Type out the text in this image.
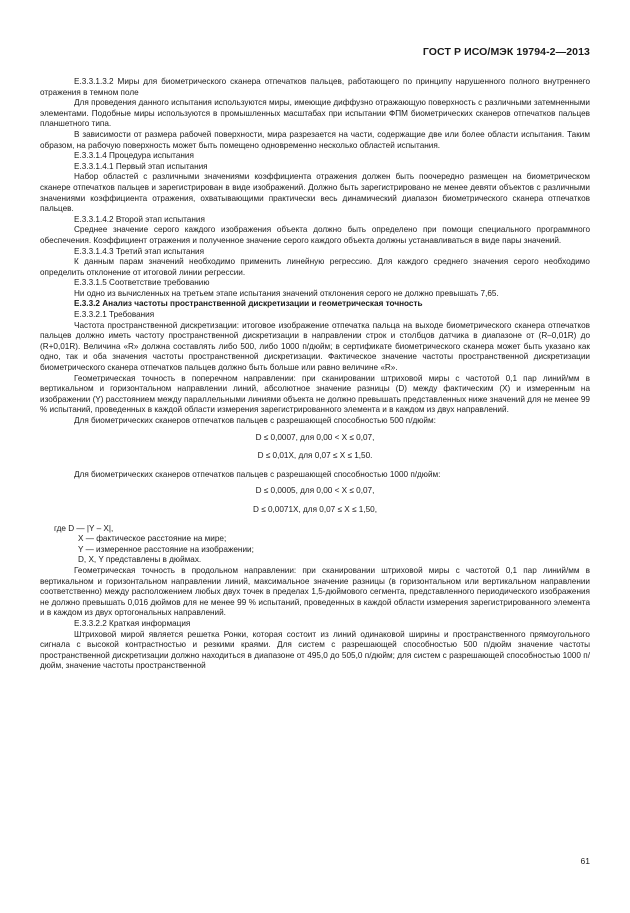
ГОСТ Р ИСО/МЭК 19794-2—2013

Е.3.3.1.3.2 Миры для биометрического сканера отпечатков пальцев, работающего по принципу нарушенного полного внутреннего отражения в темном поле

Для проведения данного испытания используются миры, имеющие диффузно отражающую поверхность с различными затемненными элементами. Подобные миры используются в промышленных масштабах при испытании ФПМ биометрических сканеров отпечатков пальцев планшетного типа.

В зависимости от размера рабочей поверхности, мира разрезается на части, содержащие две или более области испытания. Таким образом, на рабочую поверхность может быть помещено одновременно несколько областей испытания.

Е.3.3.1.4 Процедура испытания

Е.3.3.1.4.1 Первый этап испытания

Набор областей с различными значениями коэффициента отражения должен быть поочередно размещен на биометрическом сканере отпечатков пальцев и зарегистрирован в виде изображений. Должно быть зарегистрировано не менее девяти объектов с различными значениями коэффициента отражения, охватывающими практически весь динамический диапазон биометрического сканера отпечатков пальцев.

Е.3.3.1.4.2 Второй этап испытания

Среднее значение серого каждого изображения объекта должно быть определено при помощи специального программного обеспечения. Коэффициент отражения и полученное значение серого каждого объекта должны устанавливаться в виде пары значений.

Е.3.3.1.4.3 Третий этап испытания

К данным парам значений необходимо применить линейную регрессию. Для каждого среднего значения серого необходимо определить отклонение от итоговой линии регрессии.

Е.3.3.1.5 Соответствие требованию

Ни одно из вычисленных на третьем этапе испытания значений отклонения серого не должно превышать 7,65.

Е.3.3.2 Анализ частоты пространственной дискретизации и геометрическая точность

Е.3.3.2.1 Требования

Частота пространственной дискретизации: итоговое изображение отпечатка пальца на выходе биометрического сканера отпечатков пальцев должно иметь частоту пространственной дискретизации в направлении строк и столбцов датчика в диапазоне от (R–0,01R) до (R+0,01R). Величина «R» должна составлять либо 500, либо 1000 п/дюйм; в сертификате биометрического сканера может быть указано как одно, так и оба значения частоты пространственной дискретизации. Фактическое значение частоты пространственной дискретизации биометрического сканера отпечатков пальцев должно быть больше или равно величине «R».

Геометрическая точность в поперечном направлении: при сканировании штриховой миры с частотой 0,1 пар линий/мм в вертикальном и горизонтальном направлении линий, абсолютное значение разницы (D) между фактическим (X) и измеренным на изображении (Y) расстоянием между параллельными линиями объекта не должно превышать представленных ниже значений для не менее 99 % испытаний, проведенных в каждой области измерения зарегистрированного элемента и в каждом из двух направлений.

Для биометрических сканеров отпечатков пальцев с разрешающей способностью 500 п/дюйм:

D ≤ 0,0007, для 0,00 < X ≤ 0,07,

D ≤ 0,01X, для 0,07 ≤ X ≤ 1,50.

Для биометрических сканеров отпечатков пальцев с разрешающей способностью 1000 п/дюйм:

D ≤ 0,0005, для 0,00 < X ≤ 0,07,

D ≤ 0,0071X, для 0,07 ≤ X ≤ 1,50,

где D — |Y – X|,

X — фактическое расстояние на мире;

Y — измеренное расстояние на изображении;

D, X, Y представлены в дюймах.

Геометрическая точность в продольном направлении: при сканировании штриховой миры с частотой 0,1 пар линий/мм в вертикальном и горизонтальном направлении линий, максимальное значение разницы (в горизонтальном или вертикальном направлении соответственно) между расположением любых двух точек в пределах 1,5-дюймового сегмента, представленного периодического изображения не должно превышать 0,016 дюймов для не менее 99 % испытаний, проведенных в каждой области измерения зарегистрированного элемента и в каждом из двух ортогональных направлений.

Е.3.3.2.2 Краткая информация

Штриховой мирой является решетка Ронки, которая состоит из линий одинаковой ширины и пространственного прямоугольного сигнала с высокой контрастностью и резкими краями. Для систем с разрешающей способностью 500 п/дюйм значение частоты пространственной дискретизации должно находиться в диапазоне от 495,0 до 505,0 п/дюйм; для систем с разрешающей способностью 1000 п/дюйм, значение частоты пространственной

61
